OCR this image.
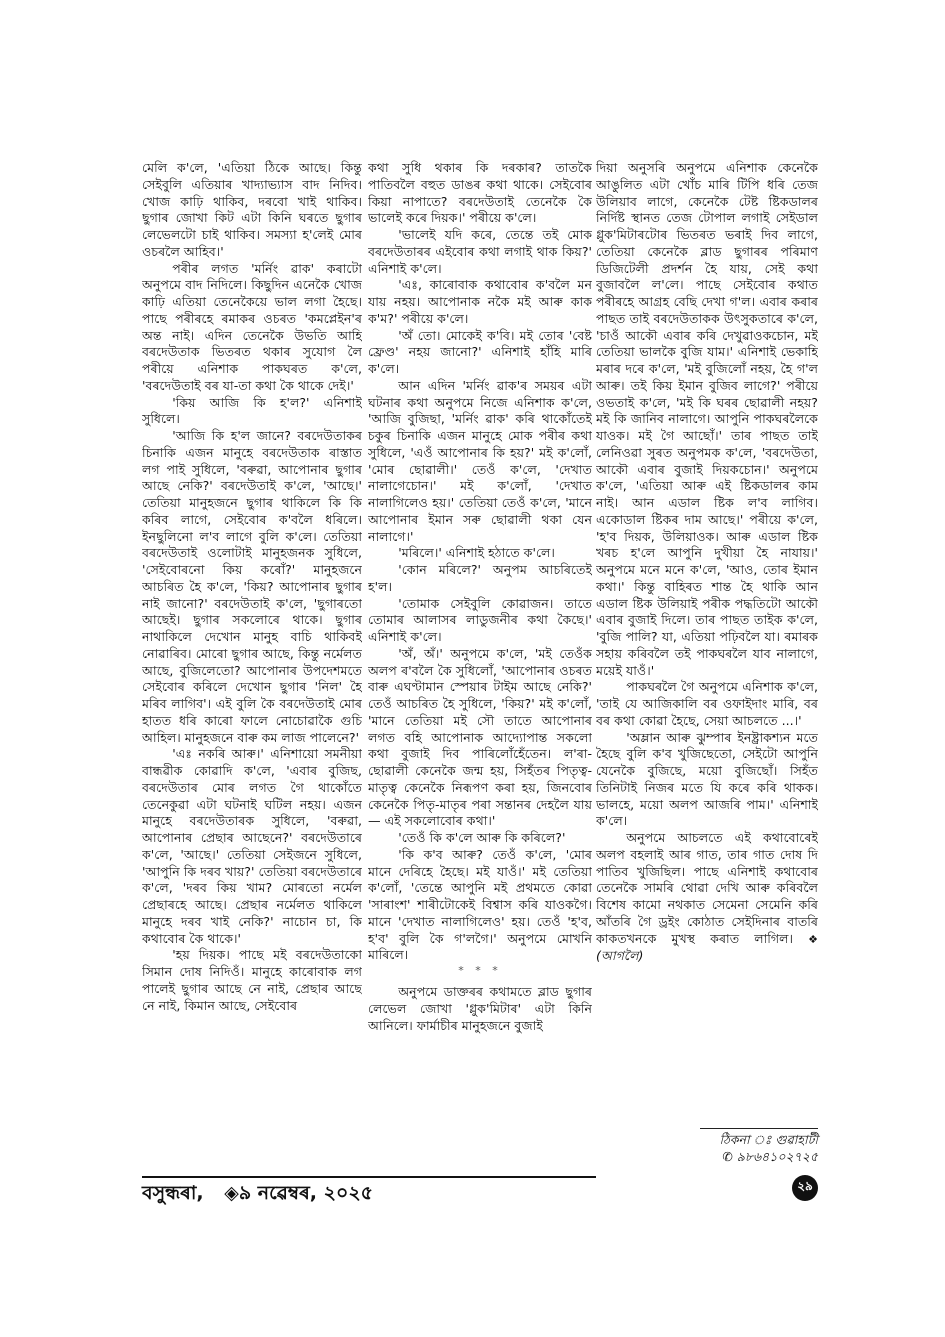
মেলি ক'লে, 'এতিয়া ঠিকে আছে। কিন্তু সেইবুলি এতিয়াৰ খাদ্যাভ্যাস বাদ নিদিব। খোজ কাঢ়ি থাকিব, দৰবো খাই থাকিব। ছুগাৰ জোখা কিট এটা কিনি ঘৰতে ছুগাৰ লেভেলটো চাই থাকিব। সমস্যা হ'লেই মোৰ ওচৰলৈ আহিব।'

পৰীৰ লগত 'মৰ্নিং ৱাক' কৰাটো অনুপমে বাদ নিদিলে। কিছুদিন এনেকৈ খোজ কাঢ়ি এতিয়া তেনেকৈয়ে ভাল লগা হৈছে। পাছে পৰীৰহে ৰমাকৰ ওচৰত 'কমপ্লেইন'ৰ অন্ত নাই। এদিন তেনেকৈ উভতি আহি বৰদেউতাক ভিতৰত থকাৰ সুযোগ লৈ পৰীয়ে এনিশাক পাকঘৰত ক'লে, 'বৰদেউতাই বৰ যা-তা কথা কৈ থাকে দেই।'

'কিয় আজি কি হ'ল?' এনিশাই সুধিলে।

'আজি কি হ'ল জানে? বৰদেউতাকৰ চিনাকি এজন মানুহে বৰদেউতাক ৰাস্তাত লগ পাই সুধিলে, 'বৰুৱা, আপোনাৰ ছুগাৰ আছে নেকি?' বৰদেউতাই ক'লে, 'আছে।' তেতিয়া মানুহজনে ছুগাৰ থাকিলে কি কি কৰিব লাগে, সেইবোৰ ক'বলৈ ধৰিলে। ইনছুলিনো ল'ব লাগে বুলি ক'লে। তেতিয়া বৰদেউতাই ওলোটাই মানুহজনক সুধিলে, 'সেইবোৰনো কিয় কৰোঁ?' মানুহজনে আচৰিত হৈ ক'লে, 'কিয়? আপোনাৰ ছুগাৰ নাই জানো?' বৰদেউতাই ক'লে, 'ছুগাৰতো আছেই। ছুগাৰ সকলোৰে থাকে। ছুগাৰ নাথাকিলে দেখোন মানুহ বাচি থাকিবই নোৱাৰিব। মোৰো ছুগাৰ আছে, কিন্তু নৰ্মেলত আছে, বুজিলেতো? আপোনাৰ উপদেশমতে সেইবোৰ কৰিলে দেখোন ছুগাৰ 'নিল' হৈ মৰিব লাগিব'। এই বুলি কৈ বৰদেউতাই মোৰ হাতত ধৰি কাৰো ফালে নোচোৱাকৈ গুচি আহিল। মানুহজনে বাৰু কম লাজ পালেনে?'

'এঃ নকৰি আৰু।' এনিশায়ো সমনীয়া বান্ধৱীক কোৱাদি ক'লে, 'এবাৰ বুজিছ, বৰদেউতাৰ মোৰ লগত গৈ থাকোঁতে তেনেকুৱা এটা ঘটনাই ঘটিল নহয়। এজন মানুহে বৰদেউতাৰক সুধিলে, 'বৰুৱা, আপোনাৰ প্ৰেছাৰ আছেনে?' বৰদেউতাৰে ক'লে, 'আছে।' তেতিয়া সেইজনে সুধিলে, 'আপুনি কি দৰব খায়?' তেতিয়া বৰদেউতাৰে ক'লে, 'দৰব কিয় খাম? মোৰতো নৰ্মেল প্ৰেছাৰহে আছে। প্ৰেছাৰ নৰ্মেলত থাকিলে মানুহে দৰব খাই নেকি?' নাচোন চা, কি কথাবোৰ কৈ থাকে।'

'হয় দিয়ক। পাছে মই বৰদেউতাকো সিমান দোষ নিদিওঁ। মানুহে কাৰোবাক লগ পালেই ছুগাৰ আছে নে নাই, প্ৰেছাৰ আছে নে নাই, কিমান আছে, সেইবোৰ

কথা সুধি থকাৰ কি দৰকাৰ? তাতকৈ পাতিবলৈ বহুত ডাঙৰ কথা থাকে। সেইবোৰ কিয়া নাপাতে? বৰদেউতাই তেনেকৈ কৈ ভালেই কৰে দিয়ক।' পৰীয়ে ক'লে।

'ভালেই যদি কৰে, তেন্তে তই মোক বৰদেউতাৰৰ এইবোৰ কথা লগাই থাক কিয়?' এনিশাই ক'লে।

'এঃ, কাৰোবাক কথাবোৰ ক'বলৈ মন যায় নহয়। আপোনাক নকৈ মই আৰু কাক ক'ম?' পৰীয়ে ক'লে।

'অঁ তো। মোকেই ক'বি। মই তোৰ 'বেষ্ট ফ্ৰেণ্ড' নহয় জানো?' এনিশাই হাঁহি মাৰি ক'লে।

আন এদিন 'মৰ্নিং ৱাক'ৰ সময়ৰ এটা ঘটনাৰ কথা অনুপমে নিজে এনিশাক ক'লে, 'আজি বুজিছা, 'মৰ্নিং ৱাক' কৰি থাকোঁতেই চকুৰ চিনাকি এজন মানুহে মোক পৰীৰ কথা সুধিলে, 'এওঁ আপোনাৰ কি হয়?' মই ক'লোঁ, 'মোৰ ছোৱালী।' তেওঁ ক'লে, 'দেখাত নালাগেচোন।' মই ক'লোঁ, 'দেখাত নালাগিলেও হয়।' তেতিয়া তেওঁ ক'লে, 'মানে আপোনাৰ ইমান সৰু ছোৱালী থকা যেন নালাগে।'

'মৰিলে।' এনিশাই হঠাতে ক'লে।

'কোন মৰিলে?' অনুপম আচৰিতেই হ'ল।

'তোমাক সেইবুলি কোৱাজন। তাতে তোমাৰ আলাসৰ লাডুজনীৰ কথা কৈছে।' এনিশাই ক'লে।

'অঁ, অঁ।' অনুপমে ক'লে, 'মই তেওঁক অলপ ৰ'বলৈ কৈ সুধিলোঁ, 'আপোনাৰ ওচৰত বাৰু এঘণ্টামান স্পেয়াৰ টাইম আছে নেকি?' তেওঁ আচৰিত হৈ সুধিলে, 'কিয়?' মই ক'লোঁ, 'মানে তেতিয়া মই সৌ তাতে আপোনাৰ লগত বহি আপোনাক আদ্যোপান্ত সকলো কথা বুজাই দিব পাৰিলোঁহেঁতেন। ল'ৰা-ছোৱালী কেনেকৈ জন্ম হয়, সিহঁতৰ পিতৃত্ব-মাতৃত্ব কেনেকৈ নিৰূপণ কৰা হয়, জিনবোৰ কেনেকৈ পিতৃ-মাতৃৰ পৰা সন্তানৰ দেহলৈ যায়— এই সকলোবোৰ কথা।'

'তেওঁ কি ক'লে আৰু কি কৰিলে?'

'কি ক'ব আৰু? তেওঁ ক'লে, 'মোৰ মানে দেৰিহে হৈছে। মই যাওঁ।' মই তেতিয়া ক'লোঁ, 'তেন্তে আপুনি মই প্ৰথমতে কোৱা 'সাৰাংশ' শাৰীটোকেই বিশ্বাস কৰি যাওকগৈ। মানে 'দেখাত নালাগিলেও' হয়। তেওঁ 'হ'ব, হ'ব' বুলি কৈ গ'লগৈ।' অনুপমে মোখনি মাৰিলে।

* * *

অনুপমে ডাক্তৰৰ কথামতে ব্লাড ছুগাৰ লেভেল জোখা 'গ্লুক'মিটাৰ' এটা কিনি আনিলে। ফাৰ্মাচীৰ মানুহজনে বুজাই

দিয়া অনুসৰি অনুপমে এনিশাক কেনেকৈ আঙুলিত এটা খোঁচ মাৰি টিপি ধৰি তেজ উলিয়াব লাগে, কেনেকৈ টেষ্ট ষ্টিকডালৰ নিৰ্দিষ্ট স্থানত তেজ টোপাল লগাই সেইডাল গ্লুক'মিটাৰটোৰ ভিতৰত ভৰাই দিব লাগে, তেতিয়া কেনেকৈ ব্লাড ছুগাৰৰ পৰিমাণ ডিজিটেলী প্ৰদৰ্শন হৈ যায়, সেই কথা বুজাবলৈ ল'লে। পাছে সেইবোৰ কথাত পৰীৰহে আগ্ৰহ বেছি দেখা গ'ল। এবাৰ কৰাৰ পাছত তাই বৰদেউতাকক উৎসুকতাৰে ক'লে, 'চাওঁ আকৌ এবাৰ কৰি দেখুৱাওকচোন, মই তেতিয়া ভালকৈ বুজি যাম।' এনিশাই ভেকাহি মৰাৰ দৰে ক'লে, 'মই বুজিলোঁ নহয়, হৈ গ'ল আৰু। তই কিয় ইমান বুজিব লাগে?' পৰীয়ে ওভতাই ক'লে, 'মই কি ঘৰৰ ছোৱালী নহয়? মই কি জানিব নালাগে। আপুনি পাকঘৰলৈকে যাওক। মই গৈ আছোঁ।' তাৰ পাছত তাই লেনিওৱা সুৰত অনুপমক ক'লে, 'বৰদেউতা, আকৌ এবাৰ বুজাই দিয়কচোন।' অনুপমে ক'লে, 'এতিয়া আৰু এই ষ্টিকডালৰ কাম নাই। আন এডাল ষ্টিক ল'ব লাগিব। একোডাল ষ্টিকৰ দাম আছে।' পৰীয়ে ক'লে, 'হ'ব দিয়ক, উলিয়াওক। আৰু এডাল ষ্টিক খৰচ হ'লে আপুনি দুখীয়া হৈ নাযায়।' অনুপমে মনে মনে ক'লে, 'আও, তোৰ ইমান কথা।' কিন্তু বাহিৰত শান্ত হৈ থাকি আন এডাল ষ্টিক উলিয়াই পৰীক পদ্ধতিটো আকৌ এবাৰ বুজাই দিলে। তাৰ পাছত তাইক ক'লে, 'বুজি পালি? যা, এতিয়া পঢ়িবলৈ যা। ৰমাৰক সহায় কৰিবলৈ তই পাকঘৰলৈ যাব নালাগে, ময়েই যাওঁ।'

পাকঘৰলৈ গৈ অনুপমে এনিশাক ক'লে, 'তাই যে আজিকালি বৰ ওফাইদাং মাৰি, বৰ বৰ কথা কোৱা হৈছে, সেয়া আচলতে ...।'

'অম্লান আৰু ঝুম্পাৰ ইনষ্ট্ৰাকশ্যন মতে হৈছে বুলি ক'ব খুজিছেতো, সেইটো আপুনি যেনেকৈ বুজিছে, ময়ো বুজিছোঁ। সিহঁত তিনিটাই নিজৰ মতে যি কৰে কৰি থাকক। ভালহে, ময়ো অলপ আজৰি পাম।' এনিশাই ক'লে।

অনুপমে আচলতে এই কথাবোৰেই অলপ বহলাই আৰ গাত, তাৰ গাত দোষ দি পাতিব খুজিছিল। পাছে এনিশাই কথাবোৰ তেনেকৈ সামৰি থোৱা দেখি আৰু কৰিবলৈ বিশেষ কামো নথকাত সেমেনা সেমেনি কৰি আঁতৰি গৈ ড্ৰইং কোঠাত সেইদিনাৰ বাতৰি কাকতখনকে মুখস্থ কৰাত লাগিল। ❖ (আগলৈ)

ঠিকনা ঃ গুৱাহাটী
✆ ৯৮৬৪১০২৭২৫
বসুন্ধৰা, ◈৯ নৱেম্বৰ, ২০২৫	২৯
